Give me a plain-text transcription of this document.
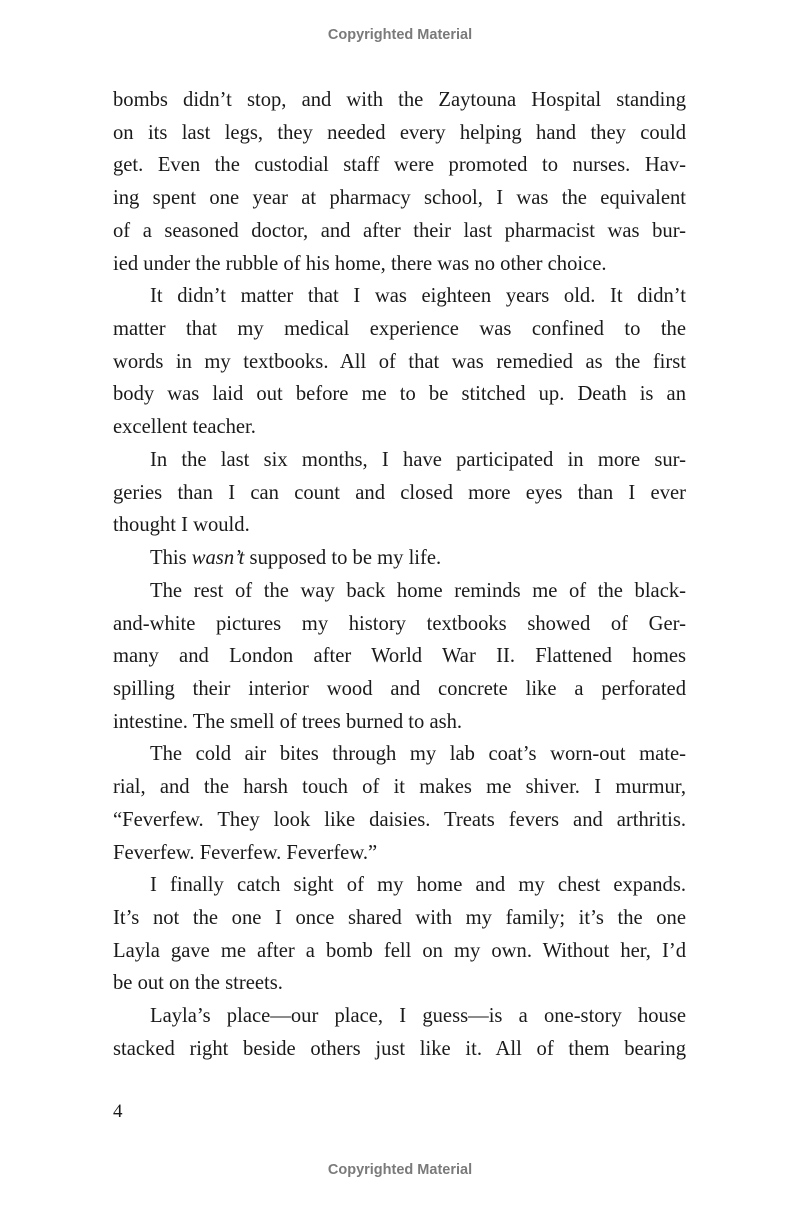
Copyrighted Material
bombs didn’t stop, and with the Zaytouna Hospital standing
on its last legs, they needed every helping hand they could
get. Even the custodial staff were promoted to nurses. Hav-
ing spent one year at pharmacy school, I was the equivalent
of a seasoned doctor, and after their last pharmacist was bur-
ied under the rubble of his home, there was no other choice.
It didn’t matter that I was eighteen years old. It didn’t
matter that my medical experience was confined to the
words in my textbooks. All of that was remedied as the first
body was laid out before me to be stitched up. Death is an
excellent teacher.
In the last six months, I have participated in more sur-
geries than I can count and closed more eyes than I ever
thought I would.
This wasn’t supposed to be my life.
The rest of the way back home reminds me of the black-
and-white pictures my history textbooks showed of Ger-
many and London after World War II. Flattened homes
spilling their interior wood and concrete like a perforated
intestine. The smell of trees burned to ash.
The cold air bites through my lab coat’s worn-out mate-
rial, and the harsh touch of it makes me shiver. I murmur,
“Feverfew. They look like daisies. Treats fevers and arthritis.
Feverfew. Feverfew. Feverfew.”
I finally catch sight of my home and my chest expands.
It’s not the one I once shared with my family; it’s the one
Layla gave me after a bomb fell on my own. Without her, I’d
be out on the streets.
Layla’s place—our place, I guess—is a one-story house
stacked right beside others just like it. All of them bearing
4
Copyrighted Material
